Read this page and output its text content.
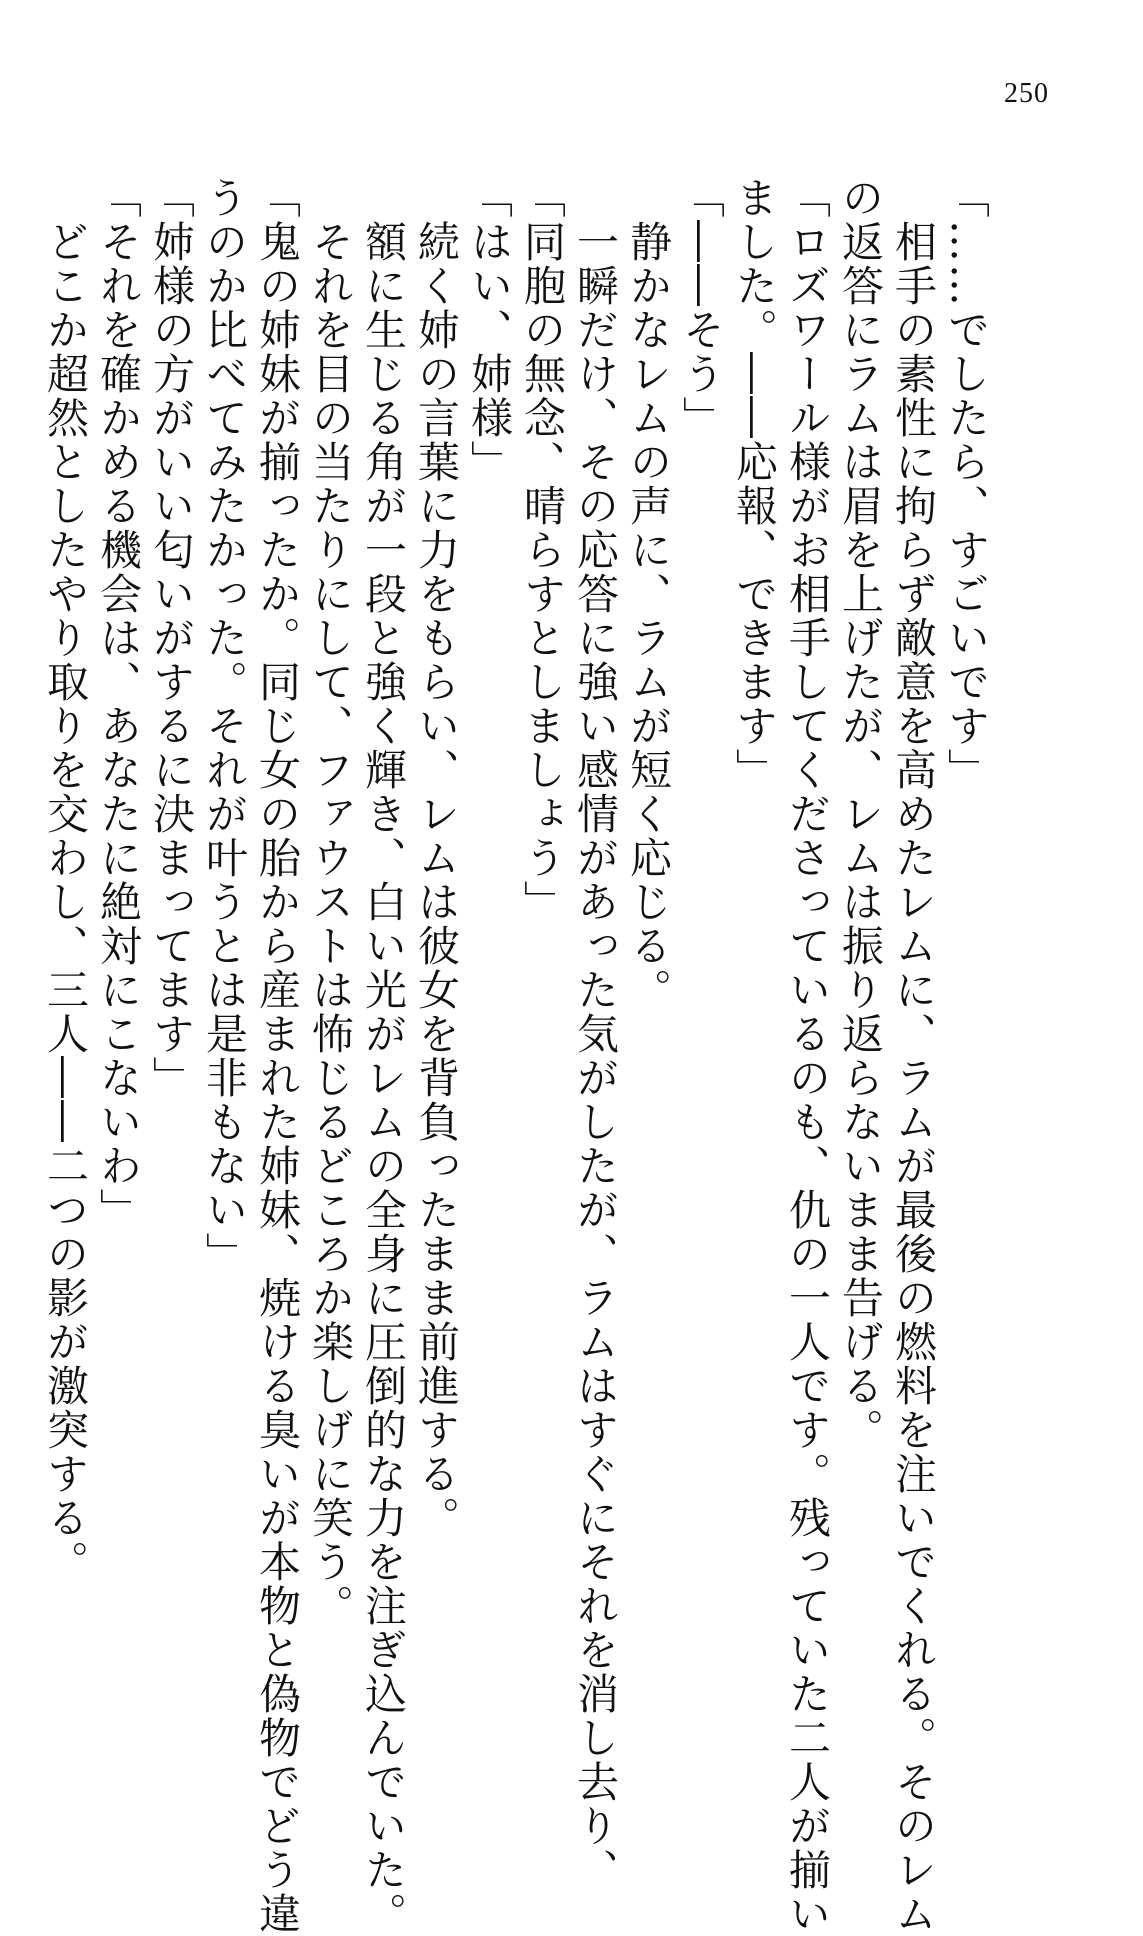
250
「……でしたら、すごいです」
　相手の素性に拘らず敵意を高めたレムに、ラムが最後の燃料を注いでくれる。そのレム
の返答にラムは眉を上げたが、レムは振り返らないまま告げる。
「ロズワール様がお相手してくださっているのも、仇の一人です。残っていた二人が揃い
ました。――応報、できます」
「――そう」
　静かなレムの声に、ラムが短く応じる。
　一瞬だけ、その応答に強い感情があった気がしたが、ラムはすぐにそれを消し去り、
「同胞の無念、晴らすとしましょう」
「はい、姉様」
　続く姉の言葉に力をもらい、レムは彼女を背負ったまま前進する。
　額に生じる角が一段と強く輝き、白い光がレムの全身に圧倒的な力を注ぎ込んでいた。
　それを目の当たりにして、ファウストは怖じるどころか楽しげに笑う。
「鬼の姉妹が揃ったか。同じ女の胎から産まれた姉妹、焼ける臭いが本物と偽物でどう違
うのか比べてみたかった。それが叶うとは是非もない」
「姉様の方がいい匂いがするに決まってます」
「それを確かめる機会は、あなたに絶対にこないわ」
　どこか超然としたやり取りを交わし、三人――二つの影が激突する。
